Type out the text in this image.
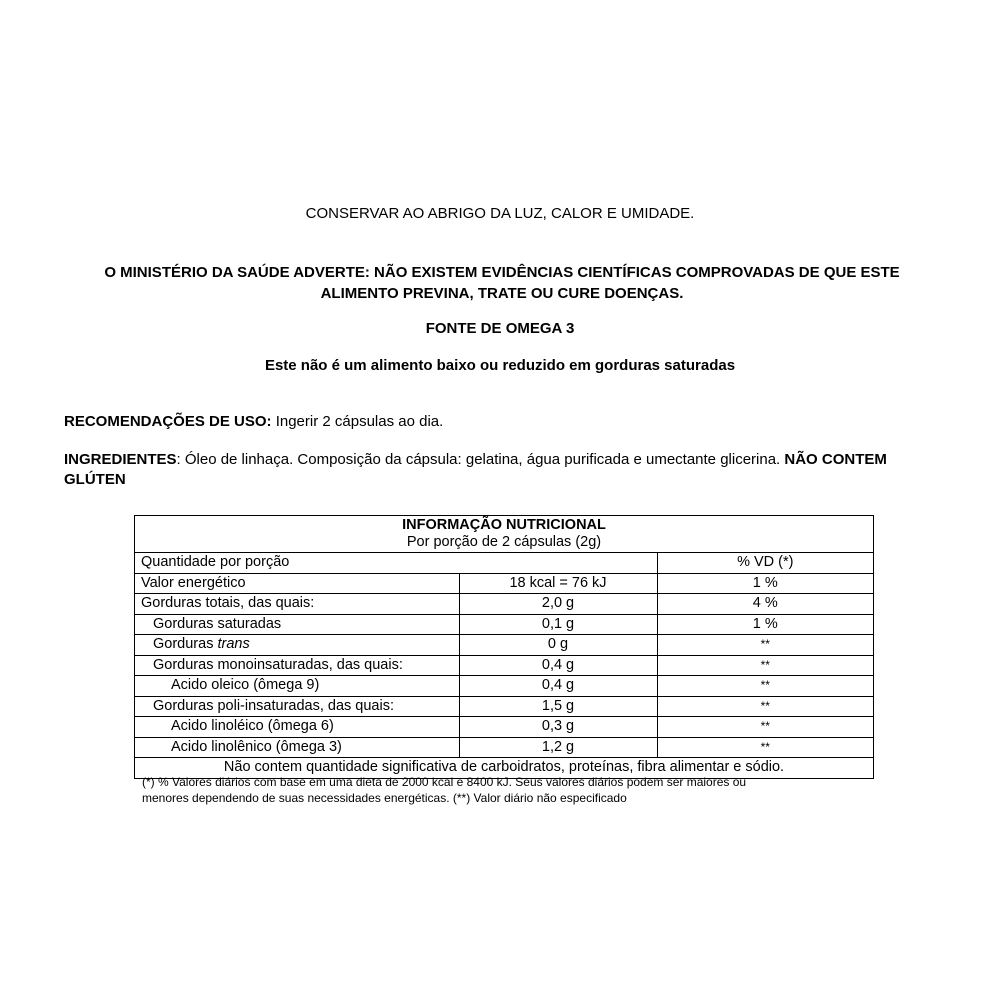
CONSERVAR AO ABRIGO DA LUZ, CALOR E UMIDADE.
O MINISTÉRIO DA SAÚDE ADVERTE: NÃO EXISTEM EVIDÊNCIAS CIENTÍFICAS COMPROVADAS DE QUE ESTE
ALIMENTO PREVINA, TRATE OU CURE DOENÇAS.
FONTE DE OMEGA 3
Este não é um alimento baixo ou reduzido em gorduras saturadas
RECOMENDAÇÕES DE USO: Ingerir 2 cápsulas ao dia.
INGREDIENTES: Óleo de linhaça. Composição da cápsula: gelatina, água purificada e umectante glicerina. NÃO CONTEM GLÚTEN
INFORMAÇÃO NUTRICIONAL
Por porção de 2 cápsulas (2g)
Quantidade por porção		% VD (*)
Valor energético	18 kcal = 76 kJ	1 %
Gorduras totais, das quais:	2,0 g	4 %
Gorduras saturadas	0,1 g	1 %
Gorduras trans	0 g	**
Gorduras monoinsaturadas, das quais:	0,4 g	**
Acido oleico (ômega 9)	0,4 g	**
Gorduras poli-insaturadas, das quais:	1,5 g	**
Acido linoléico (ômega 6)	0,3 g	**
Acido linolênico (ômega 3)	1,2 g	**
Não contem quantidade significativa de carboidratos, proteínas, fibra alimentar e sódio.		
(*) % Valores diários com base em uma dieta de 2000 kcal e 8400 kJ. Seus valores diários podem ser maiores ou
menores dependendo de suas necessidades energéticas. (**) Valor diário não especificado
